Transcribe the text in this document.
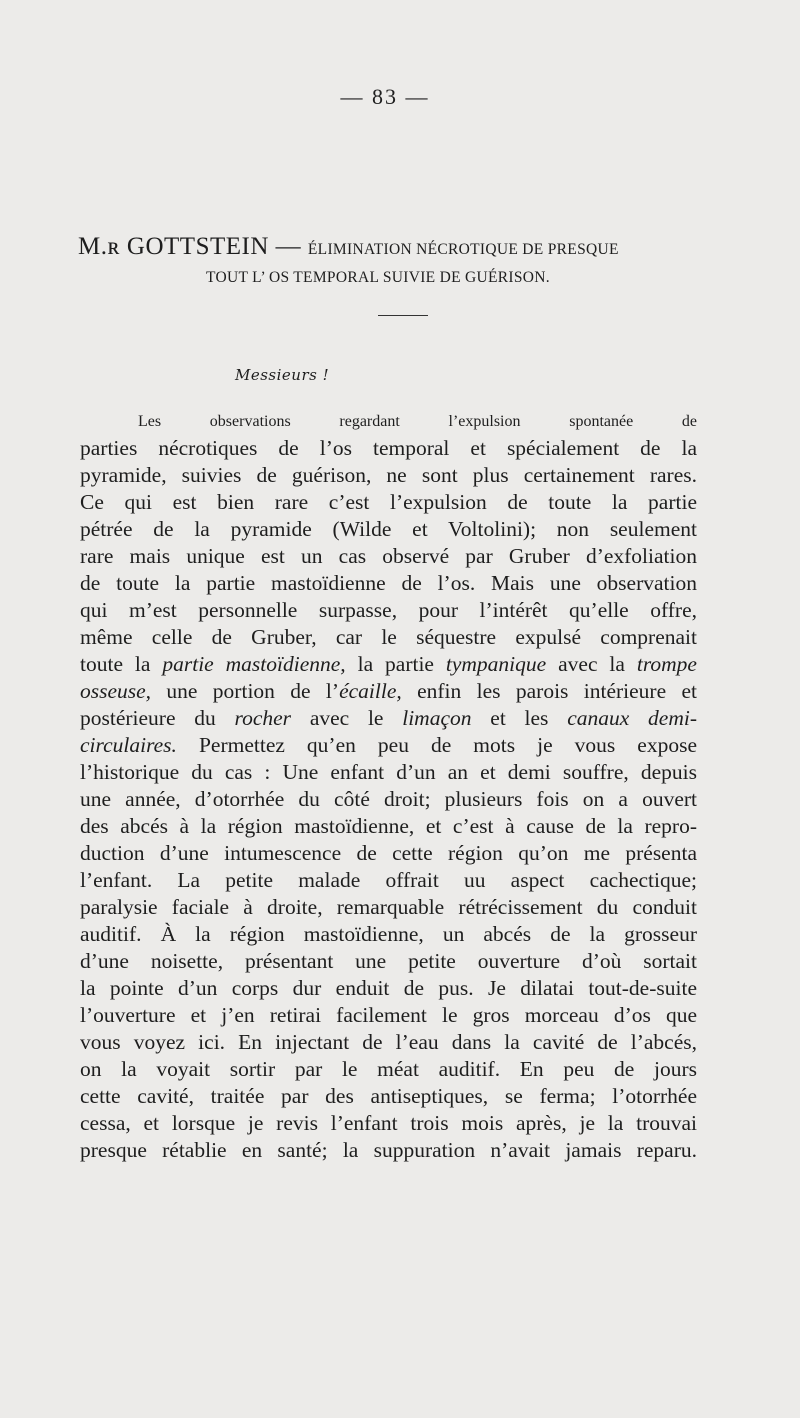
— 83 —
M.ʀ GOTTSTEIN — ÉLIMINATION NÉCROTIQUE DE PRESQUE
TOUT L’ OS TEMPORAL SUIVIE DE GUÉRISON.
Messieurs !
Les observations regardant l’expulsion spontanée de
parties nécrotiques de l’os temporal et spécialement de la
pyramide, suivies de guérison, ne sont plus certainement rares.
Ce qui est bien rare c’est l’expulsion de toute la partie
pétrée de la pyramide (Wilde et Voltolini); non seulement
rare mais unique est un cas observé par Gruber d’exfoliation
de toute la partie mastoïdienne de l’os. Mais une observation
qui m’est personnelle surpasse, pour l’intérêt qu’elle offre,
même celle de Gruber, car le séquestre expulsé comprenait
toute la partie mastoïdienne, la partie tympanique avec la trompe
osseuse, une portion de l’écaille, enfin les parois intérieure et
postérieure du rocher avec le limaçon et les canaux demi-
circulaires. Permettez qu’en peu de mots je vous expose
l’historique du cas : Une enfant d’un an et demi souffre, depuis
une année, d’otorrhée du côté droit; plusieurs fois on a ouvert
des abcés à la région mastoïdienne, et c’est à cause de la repro-
duction d’une intumescence de cette région qu’on me présenta
l’enfant. La petite malade offrait uu aspect cachectique;
paralysie faciale à droite, remarquable rétrécissement du conduit
auditif. À la région mastoïdienne, un abcés de la grosseur
d’une noisette, présentant une petite ouverture d’où sortait
la pointe d’un corps dur enduit de pus. Je dilatai tout-de-suite
l’ouverture et j’en retirai facilement le gros morceau d’os que
vous voyez ici. En injectant de l’eau dans la cavité de l’abcés,
on la voyait sortir par le méat auditif. En peu de jours
cette cavité, traitée par des antiseptiques, se ferma; l’otorrhée
cessa, et lorsque je revis l’enfant trois mois après, je la trouvai
presque rétablie en santé; la suppuration n’avait jamais reparu.
